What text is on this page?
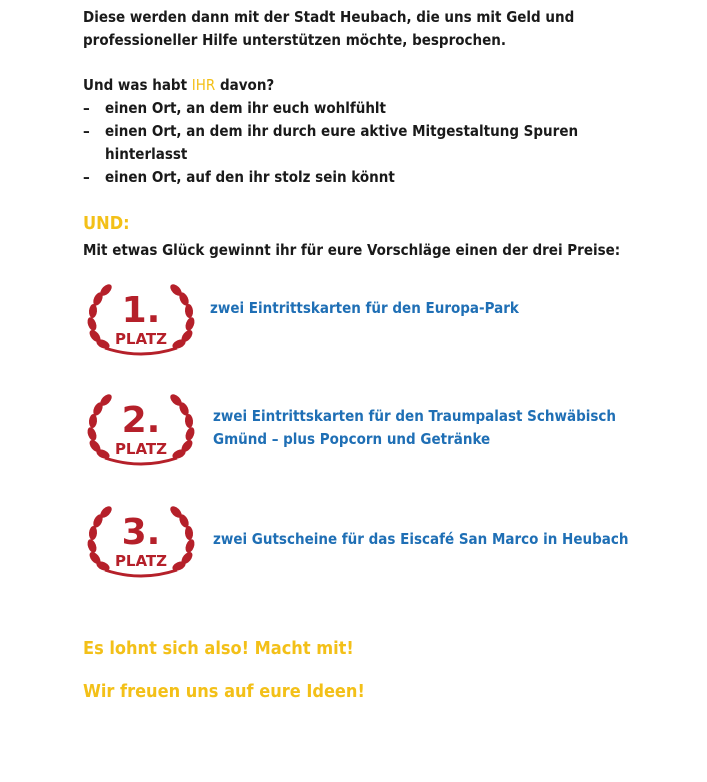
Diese werden dann mit der Stadt Heubach, die uns mit Geld und

professioneller Hilfe unterstützen möchte, besprochen.

Und was habt IHR davon?

– einen Ort, an dem ihr euch wohlfühlt
– einen Ort, an dem ihr durch eure aktive Mitgestaltung Spuren
hinterlasst
– einen Ort, auf den ihr stolz sein könnt
UND:

Mit etwas Glück gewinnt ihr für eure Vorschläge einen der drei Preise:

1.
PLATZ
zwei Eintrittskarten für den Europa-Park
2.
PLATZ
zwei Eintrittskarten für den Traumpalast Schwäbisch
Gmünd – plus Popcorn und Getränke
3.
PLATZ
zwei Gutscheine für das Eiscafé San Marco in Heubach
Es lohnt sich also! Macht mit!
Wir freuen uns auf eure Ideen!
